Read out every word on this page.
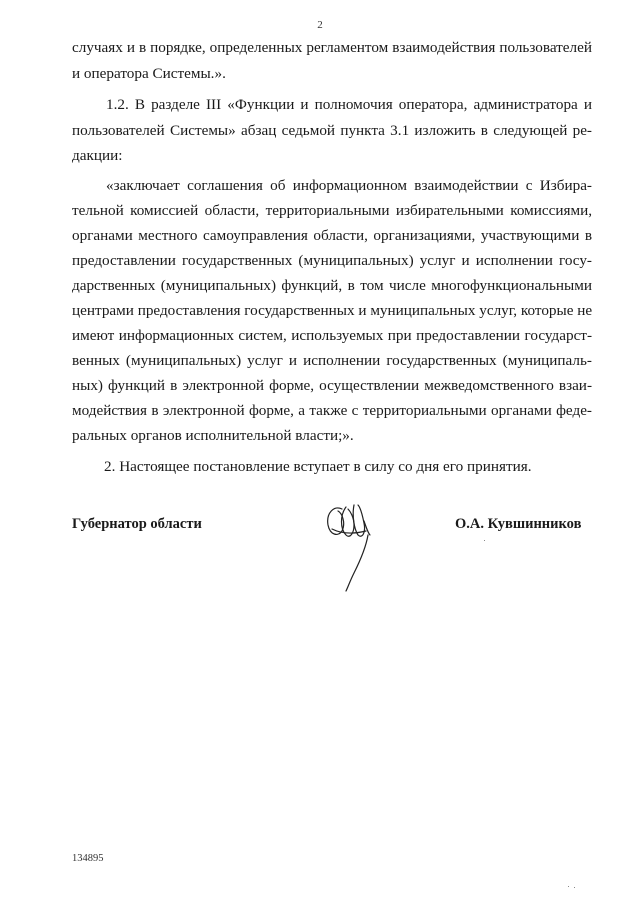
2
случаях и в порядке, определенных регламентом взаимодействия пользователей
и оператора Системы.».
1.2. В разделе III «Функции и полномочия оператора, администратора и
пользователей Системы» абзац седьмой пункта 3.1 изложить в следующей ре-
дакции:
«заключает соглашения об информационном взаимодействии с Избира-
тельной комиссией области, территориальными избирательными комиссиями,
органами местного самоуправления области, организациями, участвующими в
предоставлении государственных (муниципальных) услуг и исполнении госу-
дарственных (муниципальных) функций, в том числе многофункциональными
центрами предоставления государственных и муниципальных услуг, которые не
имеют информационных систем, используемых при предоставлении государст-
венных (муниципальных) услуг и исполнении государственных (муниципаль-
ных) функций в электронной форме, осуществлении межведомственного взаи-
модействия в электронной форме, а также с территориальными органами феде-
ральных органов исполнительной власти;».
2. Настоящее постановление вступает в силу со дня его принятия.
Губернатор области	О.А. Кувшинников
134895
